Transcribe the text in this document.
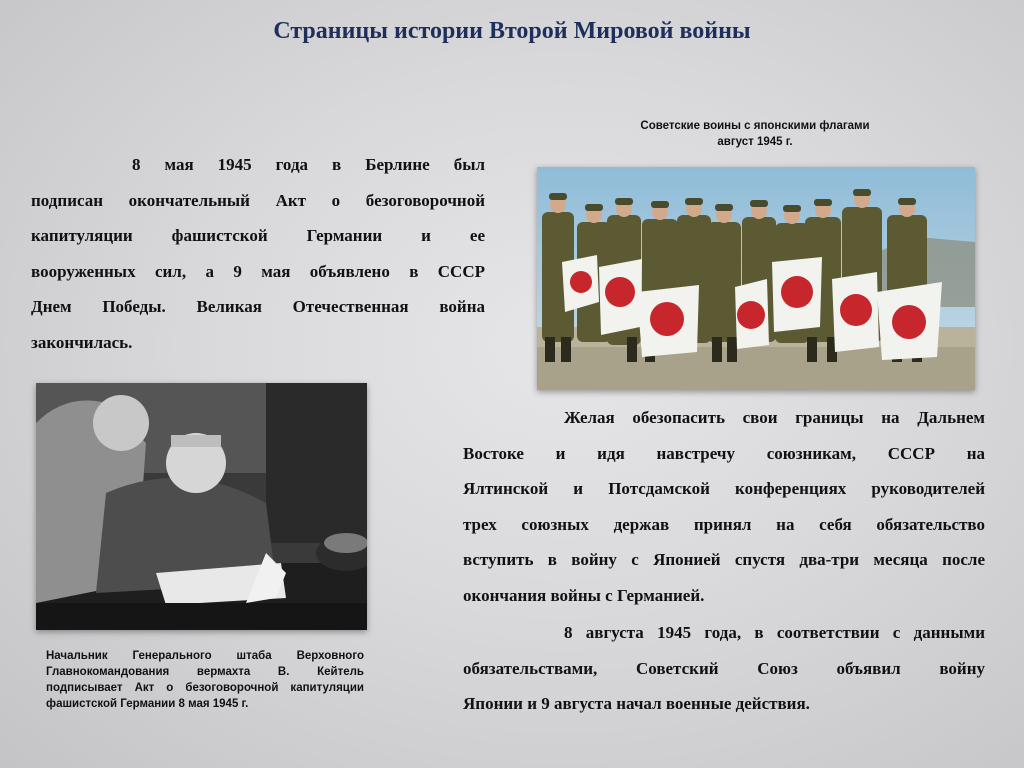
Страницы истории Второй Мировой войны
8 мая 1945 года в Берлине был
подписан окончательный Акт о безоговорочной
капитуляции фашистской Германии и ее
вооруженных сил, а 9 мая объявлено в СССР
Днем Победы. Великая Отечественная война
закончилась.
Советские воины с японскими флагами
август 1945 г.
Начальник Генерального штаба Верховного
Главнокомандования вермахта В. Кейтель
подписывает Акт о безоговорочной капитуляции
фашистской Германии 8 мая 1945 г.
Желая обезопасить свои границы на Дальнем
Востоке и идя навстречу союзникам, СССР на
Ялтинской и Потсдамской конференциях руководителей
трех союзных держав принял на себя обязательство
вступить в войну с Японией спустя два-три месяца после
окончания войны с Германией.
8 августа 1945 года, в соответствии с данными
обязательствами, Советский Союз объявил войну
Японии и 9 августа начал военные действия.
